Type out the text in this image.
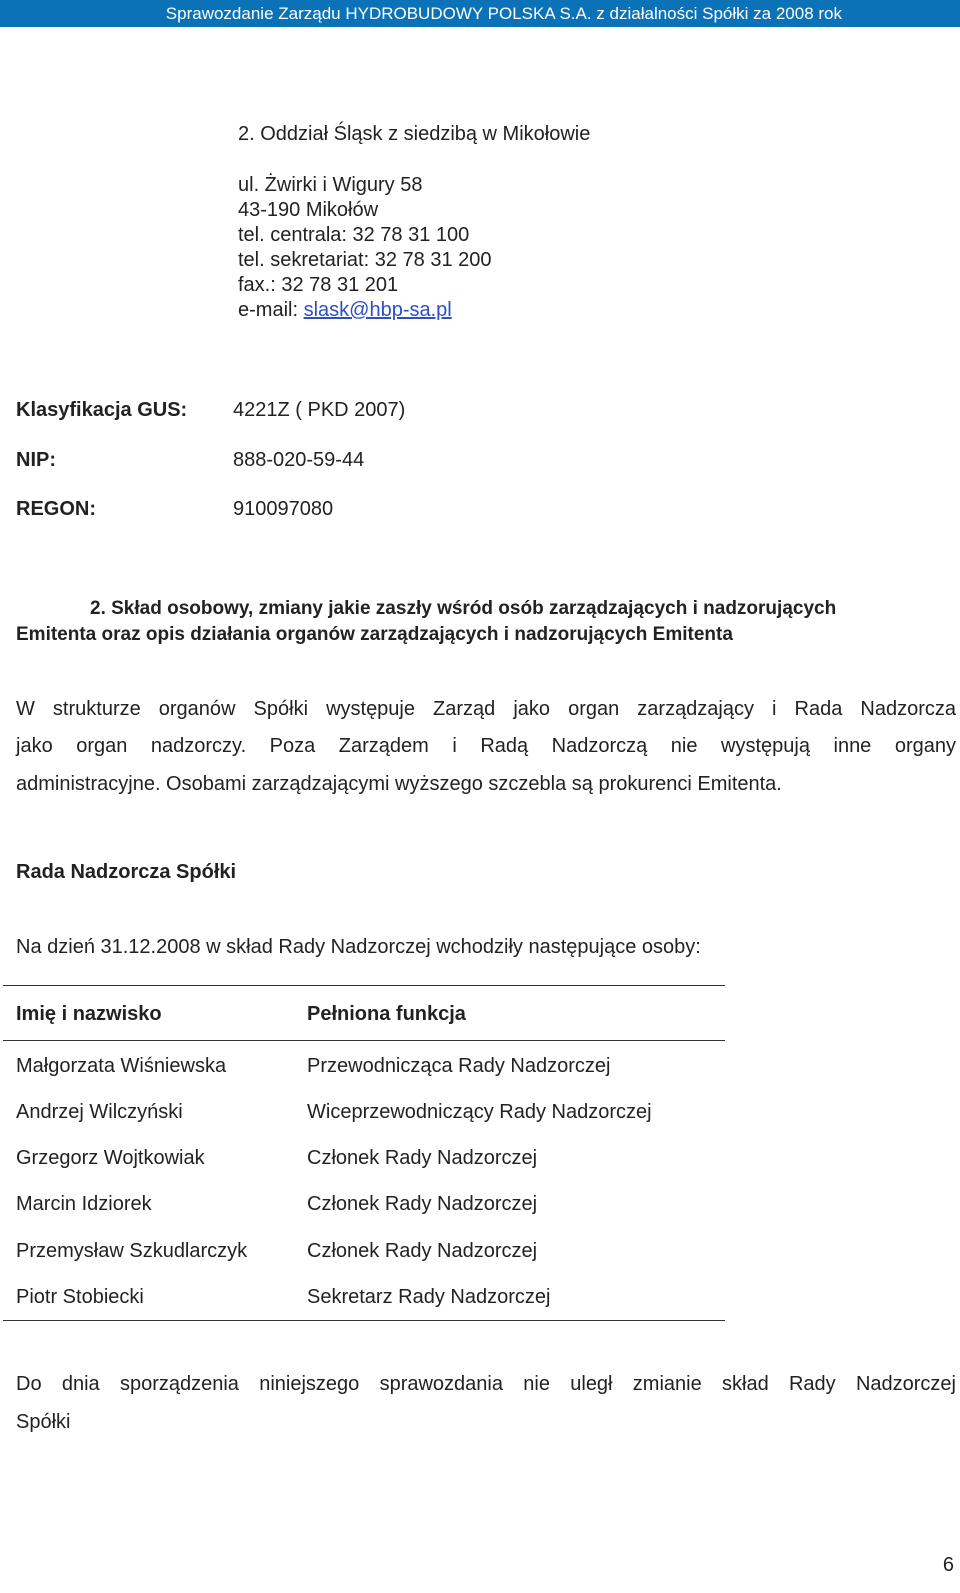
Sprawozdanie Zarządu HYDROBUDOWY POLSKA S.A. z działalności Spółki za 2008 rok
2. Oddział Śląsk z siedzibą w Mikołowie
ul. Żwirki i Wigury 58
43-190 Mikołów
tel. centrala: 32 78 31 100
tel. sekretariat: 32 78 31 200
fax.: 32 78 31 201
e-mail: slask@hbp-sa.pl
Klasyfikacja GUS: 4221Z ( PKD 2007)
NIP:	888-020-59-44
REGON:	910097080
2. Skład osobowy, zmiany jakie zaszły wśród osób zarządzających i nadzorujących
Emitenta oraz opis działania organów zarządzających i nadzorujących Emitenta
W strukturze organów Spółki występuje Zarząd jako organ zarządzający i Rada Nadzorcza
jako organ nadzorczy. Poza Zarządem i Radą Nadzorczą nie występują inne organy
administracyjne. Osobami zarządzającymi wyższego szczebla są prokurenci Emitenta.
Rada Nadzorcza Spółki
Na dzień 31.12.2008 w skład Rady Nadzorczej wchodziły następujące osoby:
Imię i nazwisko	Pełniona funkcja
Małgorzata Wiśniewska	Przewodnicząca Rady Nadzorczej
Andrzej Wilczyński	Wiceprzewodniczący Rady Nadzorczej
Grzegorz Wojtkowiak	Członek Rady Nadzorczej
Marcin Idziorek	Członek Rady Nadzorczej
Przemysław Szkudlarczyk	Członek Rady Nadzorczej
Piotr Stobiecki	Sekretarz Rady Nadzorczej
Do dnia sporządzenia niniejszego sprawozdania nie uległ zmianie skład Rady Nadzorczej
Spółki
6
